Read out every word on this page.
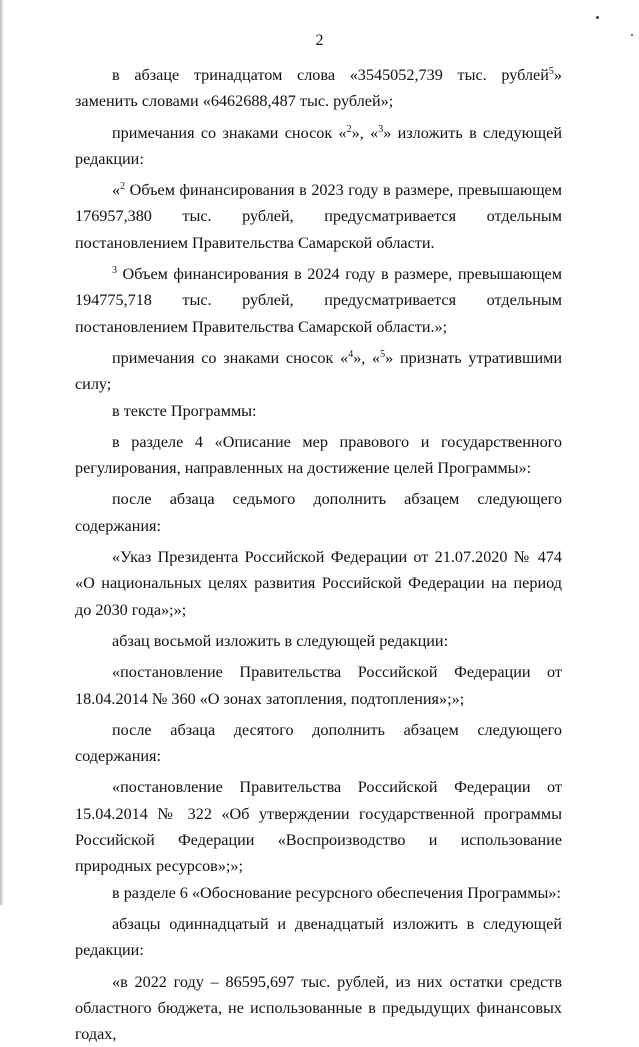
2

в абзаце тринадцатом слова «3545052,739 тыс. рублей$^5$» заменить словами «6462688,487 тыс. рублей»;

примечания со знаками сносок «$^2$», «$^3$» изложить в следующей редакции:

«$^2$ Объем финансирования в 2023 году в размере, превышающем 176957,380 тыс. рублей, предусматривается отдельным постановлением Правительства Самарской области.

$^3$ Объем финансирования в 2024 году в размере, превышающем 194775,718 тыс. рублей, предусматривается отдельным постановлением Правительства Самарской области.»;

примечания со знаками сносок «$^4$», «$^5$» признать утратившими силу;

в тексте Программы:

в разделе 4 «Описание мер правового и государственного регулирования, направленных на достижение целей Программы»:

после абзаца седьмого дополнить абзацем следующего содержания:

«Указ Президента Российской Федерации от 21.07.2020 № 474 «О национальных целях развития Российской Федерации на период до 2030 года»;»;

абзац восьмой изложить в следующей редакции:

«постановление Правительства Российской Федерации от 18.04.2014 № 360 «О зонах затопления, подтопления»;»;

после абзаца десятого дополнить абзацем следующего содержания:

«постановление Правительства Российской Федерации от 15.04.2014 № 322 «Об утверждении государственной программы Российской Федерации «Воспроизводство и использование природных ресурсов»;»;

в разделе 6 «Обоснование ресурсного обеспечения Программы»:

абзацы одиннадцатый и двенадцатый изложить в следующей редакции:

«в 2022 году – 86595,697 тыс. рублей, из них остатки средств областного бюджета, не использованные в предыдущих финансовых годах,
